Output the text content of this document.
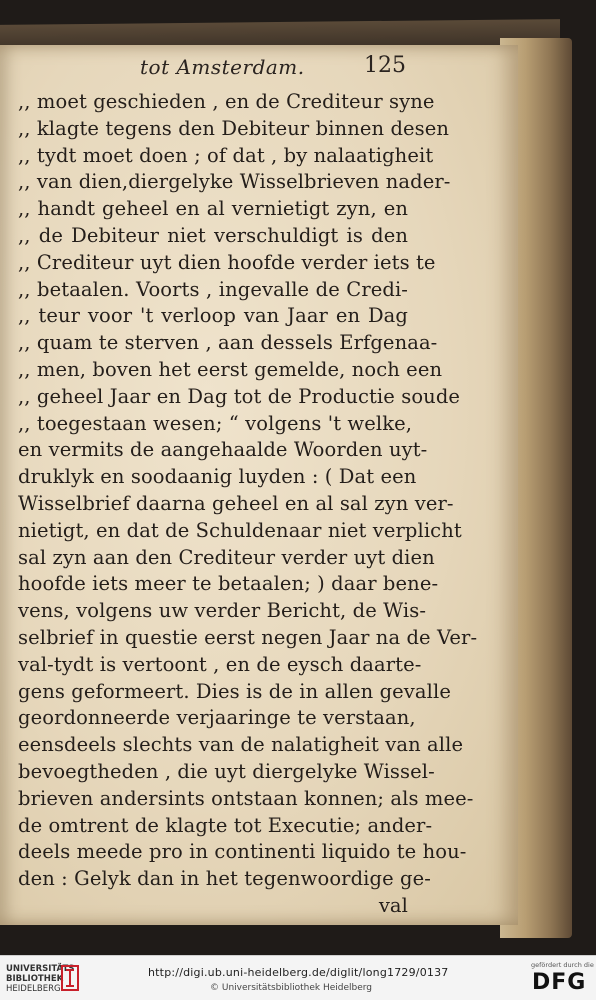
tot Amsterdam.	125
,, moet geschieden , en de Crediteur syne
,, klagte tegens den Debiteur binnen desen
,, tydt moet doen ; of dat , by nalaatigheit
,, van dien,diergelyke Wisselbrieven nader-
,, handt geheel en al vernietigt zyn, en
,, de Debiteur niet verschuldigt is den
,, Crediteur uyt dien hoofde verder iets te
,, betaalen. Voorts , ingevalle de Credi-
,, teur voor 't verloop van Jaar en Dag
,, quam te sterven , aan dessels Erfgenaa-
,, men, boven het eerst gemelde, noch een
,, geheel Jaar en Dag tot de Productie soude
,, toegestaan wesen; “ volgens 't welke,
en vermits de aangehaalde Woorden uyt-
druklyk en soodaanig luyden : ( Dat een
Wisselbrief daarna geheel en al sal zyn ver-
nietigt, en dat de Schuldenaar niet verplicht
sal zyn aan den Crediteur verder uyt dien
hoofde iets meer te betaalen; ) daar bene-
vens, volgens uw verder Bericht, de Wis-
selbrief in questie eerst negen Jaar na de Ver-
val-tydt is vertoont , en de eysch daarte-
gens geformeert. Dies is de in allen gevalle
geordonneerde verjaaringe te verstaan,
eensdeels slechts van de nalatigheit van alle
bevoegtheden , die uyt diergelyke Wissel-
brieven andersints ontstaan konnen; als mee-
de omtrent de klagte tot Executie; ander-
deels meede pro in continenti liquido te hou-
den : Gelyk dan in het tegenwoordige ge-
val
UNIVERSITÄTS
BIBLIOTHEK
HEIDELBERG
http://digi.ub.uni-heidelberg.de/diglit/long1729/0137
© Universitätsbibliothek Heidelberg
gefördert durch die
DFG
